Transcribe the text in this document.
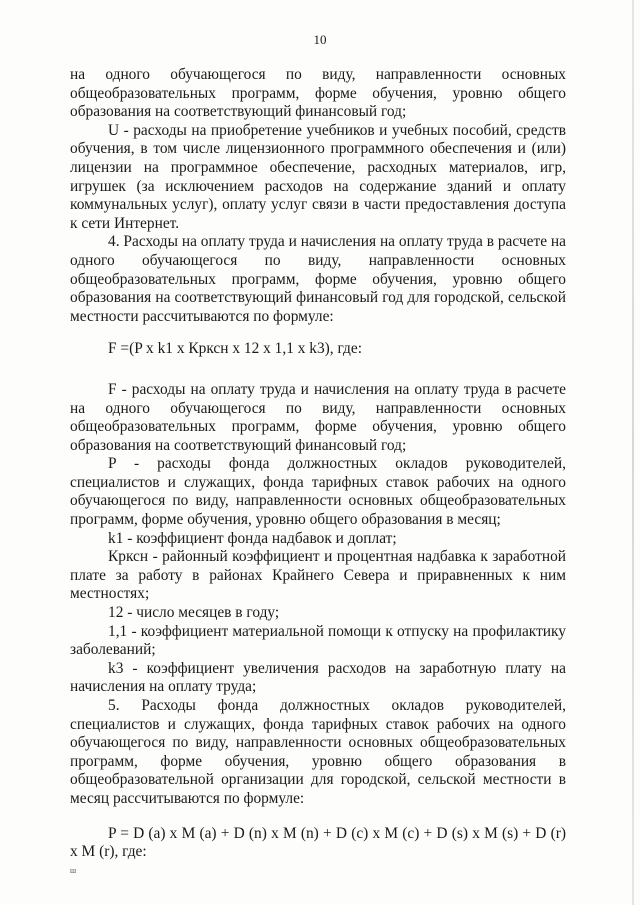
10

на одного обучающегося по виду, направленности основных общеобразовательных программ, форме обучения, уровню общего образования на соответствующий финансовый год;

U - расходы на приобретение учебников и учебных пособий, средств обучения, в том числе лицензионного программного обеспечения и (или) лицензии на программное обеспечение, расходных материалов, игр, игрушек (за исключением расходов на содержание зданий и оплату коммунальных услуг), оплату услуг связи в части предоставления доступа к сети Интернет.

4. Расходы на оплату труда и начисления на оплату труда в расчете на одного обучающегося по виду, направленности основных общеобразовательных программ, форме обучения, уровню общего образования на соответствующий финансовый год для городской, сельской местности рассчитываются по формуле:

F =(P x k1 x Крксн x 12 x 1,1 x k3), где:

F - расходы на оплату труда и начисления на оплату труда в расчете на одного обучающегося по виду, направленности основных общеобразовательных программ, форме обучения, уровню общего образования на соответствующий финансовый год;

P - расходы фонда должностных окладов руководителей, специалистов и служащих, фонда тарифных ставок рабочих на одного обучающегося по виду, направленности основных общеобразовательных программ, форме обучения, уровню общего образования в месяц;

k1 - коэффициент фонда надбавок и доплат;

Крксн - районный коэффициент и процентная надбавка к заработной плате за работу в районах Крайнего Севера и приравненных к ним местностях;

12 - число месяцев в году;

1,1 - коэффициент материальной помощи к отпуску на профилактику заболеваний;

k3 - коэффициент увеличения расходов на заработную плату на начисления на оплату труда;

5. Расходы фонда должностных окладов руководителей, специалистов и служащих, фонда тарифных ставок рабочих на одного обучающегося по виду, направленности основных общеобразовательных программ, форме обучения, уровню общего образования в общеобразовательной организации для городской, сельской местности в месяц рассчитываются по формуле:

P = D (a) x M (a) + D (n) x M (n) + D (c) x M (c) + D (s) x M (s) + D (r) x M (r), где:

ш
